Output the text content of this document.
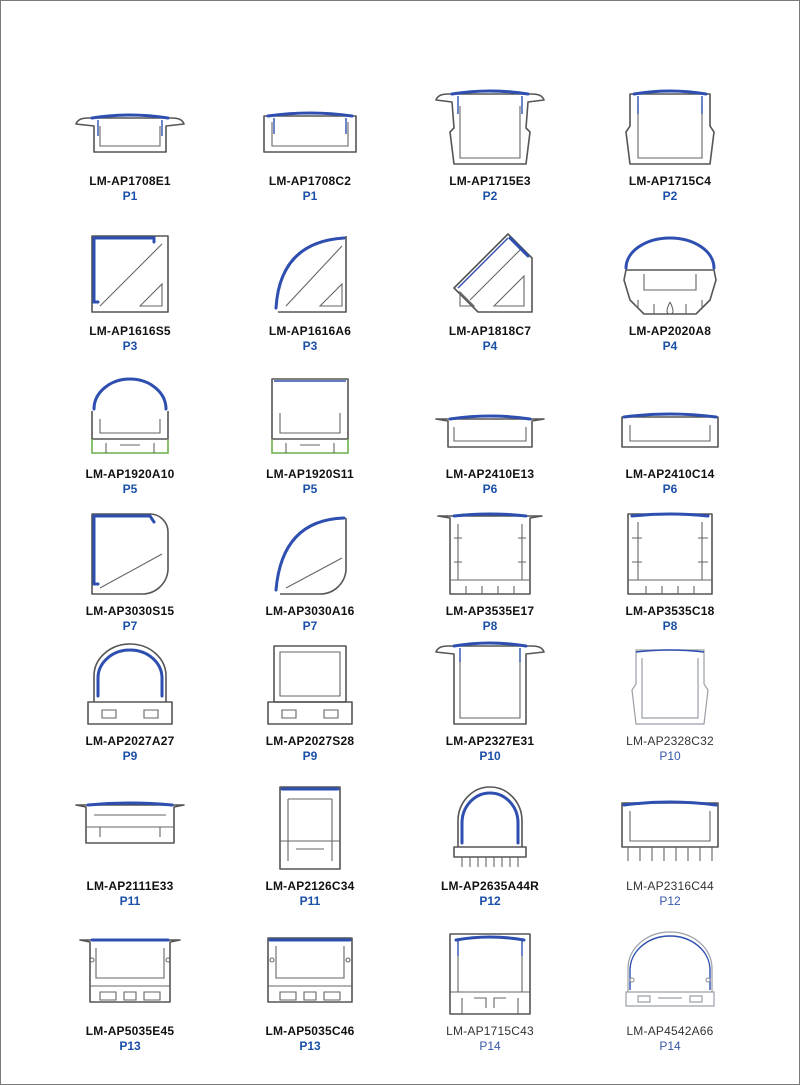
LM-AP1708E1
P1
LM-AP1708C2
P1
LM-AP1715E3
P2
LM-AP1715C4
P2
LM-AP1616S5
P3
LM-AP1616A6
P3
LM-AP1818C7
P4
LM-AP2020A8
P4
LM-AP1920A10
P5
LM-AP1920S11
P5
LM-AP2410E13
P6
LM-AP2410C14
P6
LM-AP3030S15
P7
LM-AP3030A16
P7
LM-AP3535E17
P8
LM-AP3535C18
P8
LM-AP2027A27
P9
LM-AP2027S28
P9
LM-AP2327E31
P10
LM-AP2328C32
P10
LM-AP2111E33
P11
LM-AP2126C34
P11
LM-AP2635A44R
P12
LM-AP2316C44
P12
LM-AP5035E45
P13
LM-AP5035C46
P13
LM-AP1715C43
P14
LM-AP4542A66
P14
